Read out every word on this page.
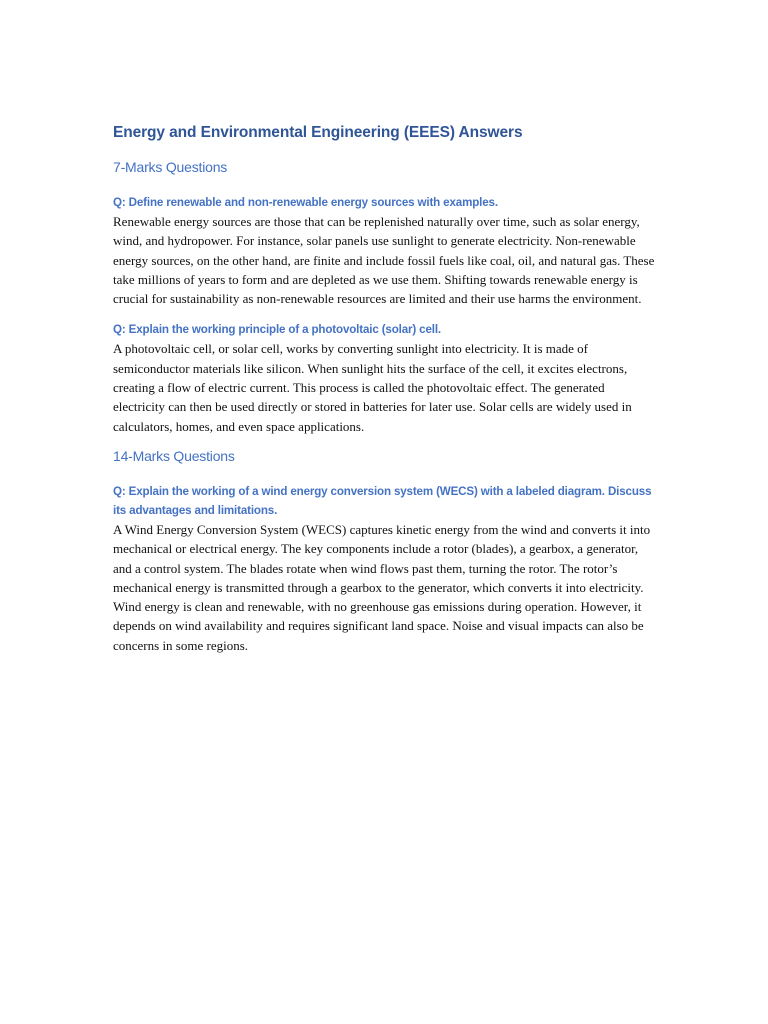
Energy and Environmental Engineering (EEES) Answers
7-Marks Questions

Q: Define renewable and non-renewable energy sources with examples.

Renewable energy sources are those that can be replenished naturally over time, such as solar energy, wind, and hydropower. For instance, solar panels use sunlight to generate electricity. Non-renewable energy sources, on the other hand, are finite and include fossil fuels like coal, oil, and natural gas. These take millions of years to form and are depleted as we use them. Shifting towards renewable energy is crucial for sustainability as non-renewable resources are limited and their use harms the environment.

Q: Explain the working principle of a photovoltaic (solar) cell.

A photovoltaic cell, or solar cell, works by converting sunlight into electricity. It is made of semiconductor materials like silicon. When sunlight hits the surface of the cell, it excites electrons, creating a flow of electric current. This process is called the photovoltaic effect. The generated electricity can then be used directly or stored in batteries for later use. Solar cells are widely used in calculators, homes, and even space applications.

14-Marks Questions

Q: Explain the working of a wind energy conversion system (WECS) with a labeled diagram. Discuss its advantages and limitations.

A Wind Energy Conversion System (WECS) captures kinetic energy from the wind and converts it into mechanical or electrical energy. The key components include a rotor (blades), a gearbox, a generator, and a control system. The blades rotate when wind flows past them, turning the rotor. The rotor’s mechanical energy is transmitted through a gearbox to the generator, which converts it into electricity. Wind energy is clean and renewable, with no greenhouse gas emissions during operation. However, it depends on wind availability and requires significant land space. Noise and visual impacts can also be concerns in some regions.
